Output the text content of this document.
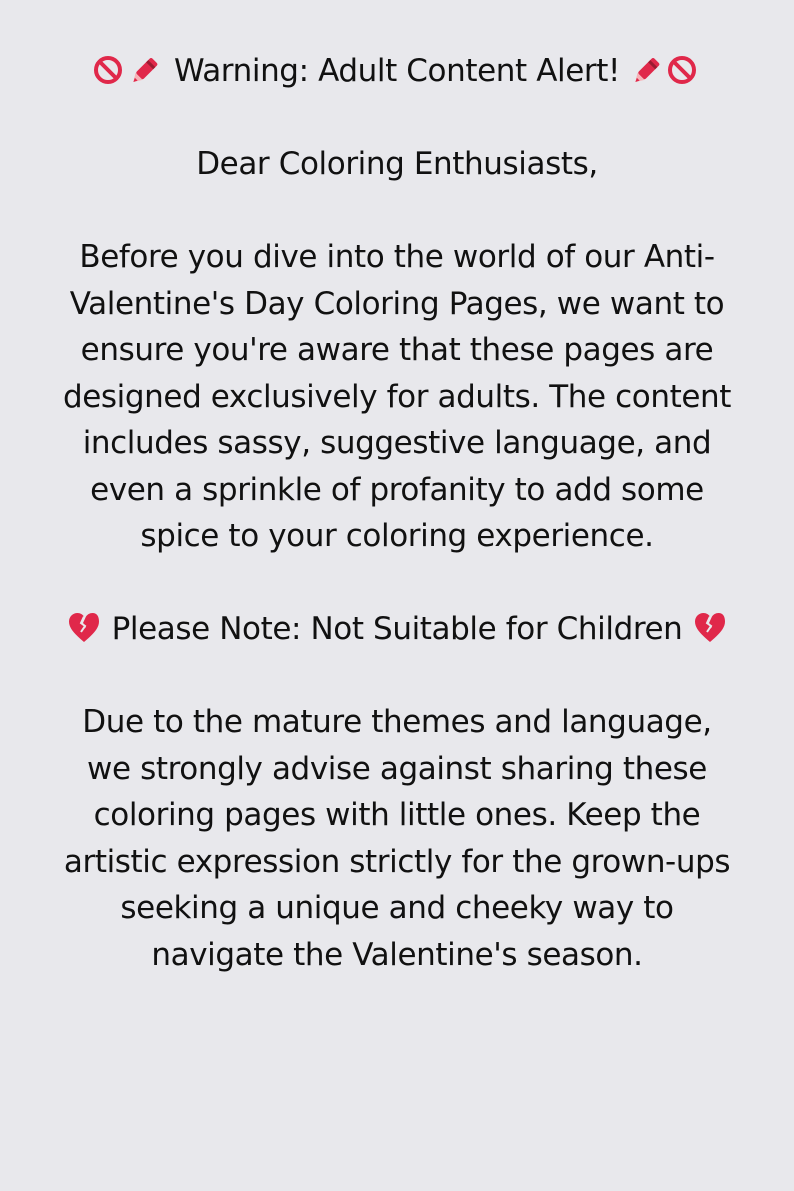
Warning: Adult Content Alert!
Dear Coloring Enthusiasts,
Before you dive into the world of our Anti-
Valentine's Day Coloring Pages, we want to
ensure you're aware that these pages are
designed exclusively for adults. The content
includes sassy, suggestive language, and
even a sprinkle of profanity to add some
spice to your coloring experience.
Please Note: Not Suitable for Children
Due to the mature themes and language,
we strongly advise against sharing these
coloring pages with little ones. Keep the
artistic expression strictly for the grown-ups
seeking a unique and cheeky way to
navigate the Valentine's season.
